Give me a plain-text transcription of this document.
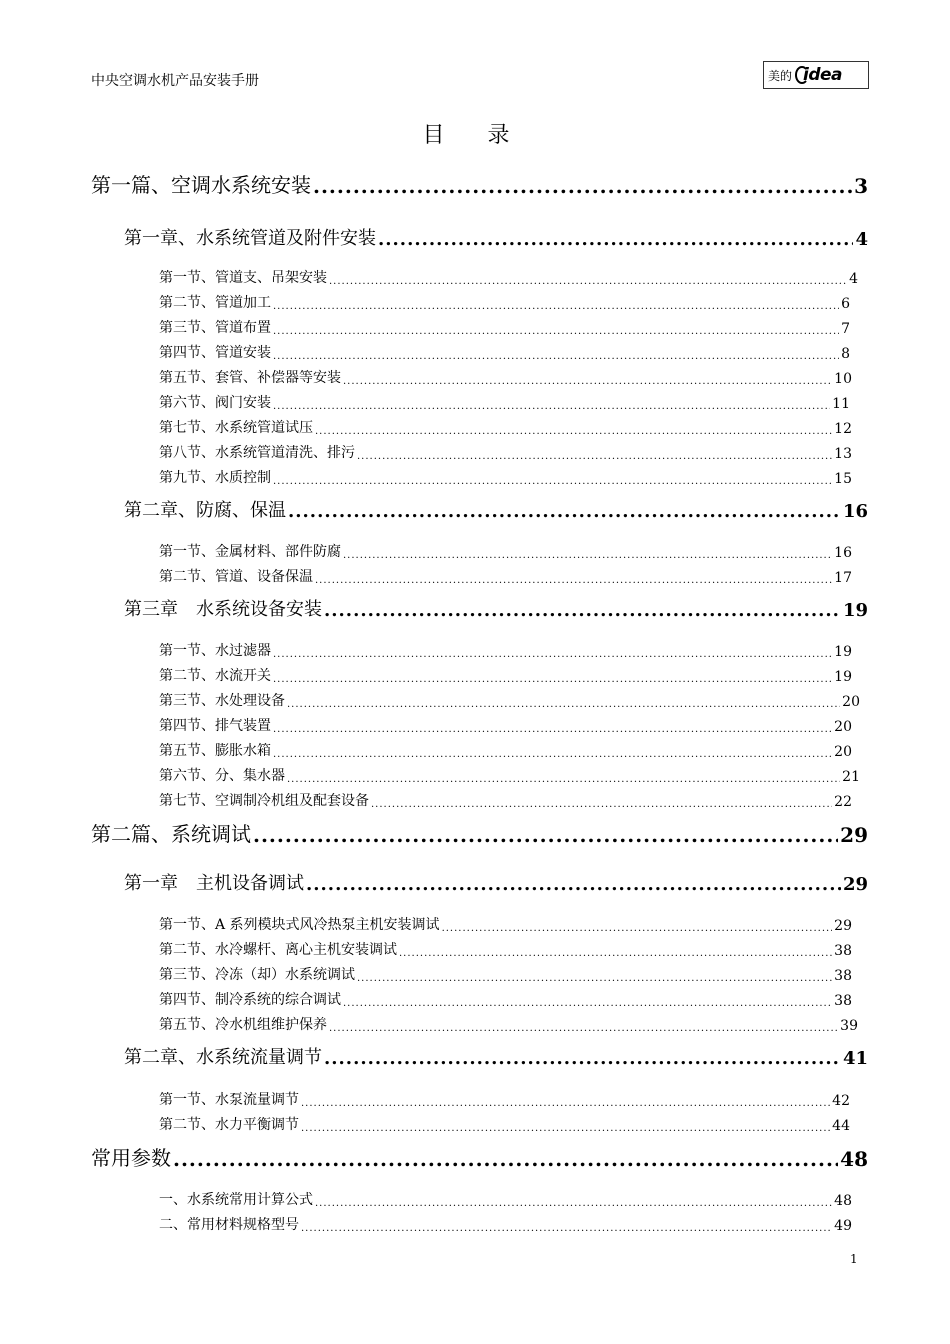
中央空调水机产品安装手册	美的 idea
目 录
第一篇、空调水系统安装 .....	3
第一章、水系统管道及附件安装 .....	4
第一节、管道支、吊架安装 .....	4
第二节、管道加工 .....	6
第三节、管道布置 .....	7
第四节、管道安装 .....	8
第五节、套管、补偿器等安装 .....	10
第六节、阀门安装 .....	11
第七节、水系统管道试压 .....	12
第八节、水系统管道清洗、排污 .....	13
第九节、水质控制 .....	15
第二章、防腐、保温 .....	16
第一节、金属材料、部件防腐 .....	16
第二节、管道、设备保温 .....	17
第三章　水系统设备安装 .....	19
第一节、水过滤器 .....	19
第二节、水流开关 .....	19
第三节、水处理设备 .....	20
第四节、排气装置 .....	20
第五节、膨胀水箱 .....	20
第六节、分、集水器 .....	21
第七节、空调制冷机组及配套设备 .....	22
第二篇、系统调试 .....	29
第一章　主机设备调试 .....	29
第一节、A 系列模块式风冷热泵主机安装调试 .....	29
第二节、水冷螺杆、离心主机安装调试 .....	38
第三节、冷冻（却）水系统调试 .....	38
第四节、制冷系统的综合调试 .....	38
第五节、冷水机组维护保养 .....	39
第二章、水系统流量调节 .....	41
第一节、水泵流量调节 .....	42
第二节、水力平衡调节 .....	44
常用参数 .....	48
一、水系统常用计算公式 .....	48
二、常用材料规格型号 .....	49
1
